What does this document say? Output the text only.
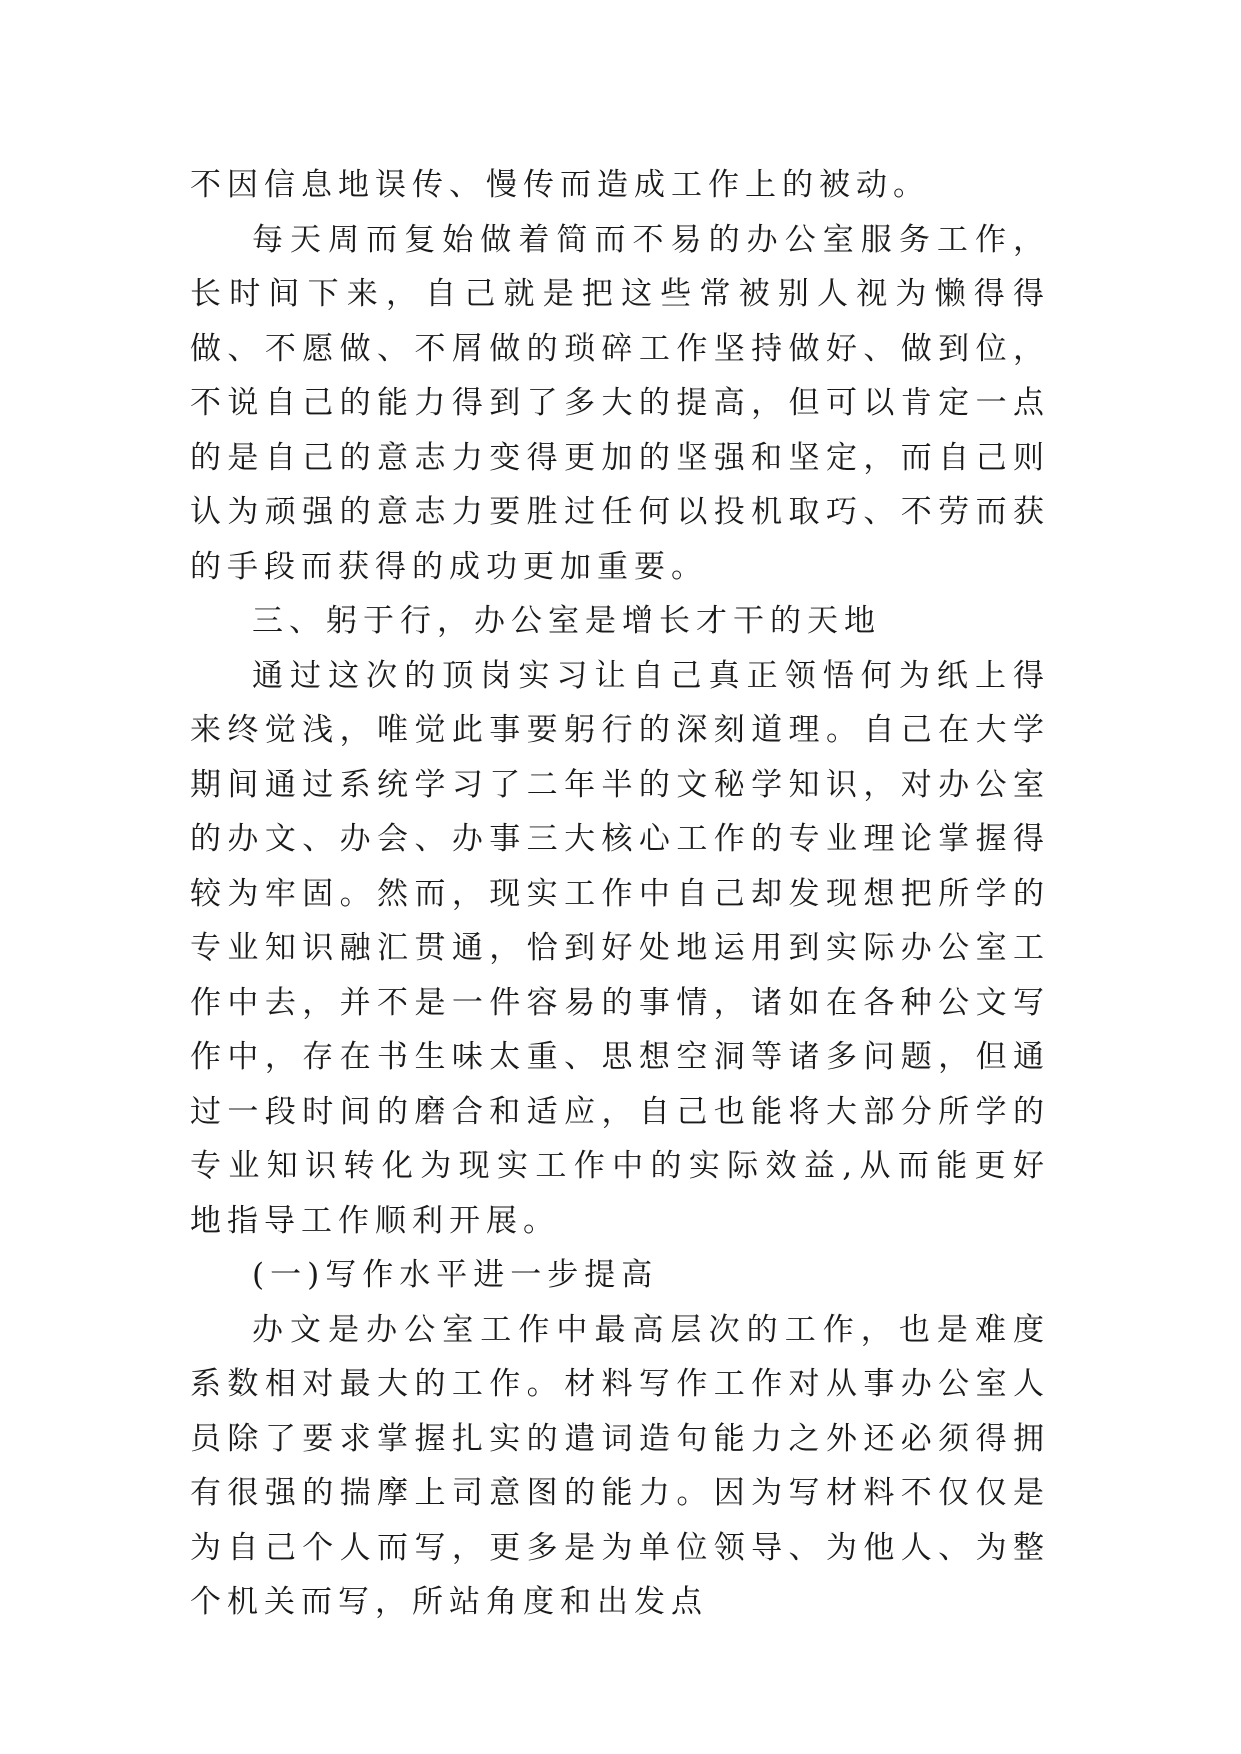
不因信息地误传、慢传而造成工作上的被动。

每天周而复始做着简而不易的办公室服务工作，长时间下来，自己就是把这些常被别人视为懒得得做、不愿做、不屑做的琐碎工作坚持做好、做到位，不说自己的能力得到了多大的提高，但可以肯定一点的是自己的意志力变得更加的坚强和坚定，而自己则认为顽强的意志力要胜过任何以投机取巧、不劳而获的手段而获得的成功更加重要。

三、躬于行，办公室是增长才干的天地

通过这次的顶岗实习让自己真正领悟何为纸上得来终觉浅，唯觉此事要躬行的深刻道理。自己在大学期间通过系统学习了二年半的文秘学知识，对办公室的办文、办会、办事三大核心工作的专业理论掌握得较为牢固。然而，现实工作中自己却发现想把所学的专业知识融汇贯通，恰到好处地运用到实际办公室工作中去，并不是一件容易的事情，诸如在各种公文写作中，存在书生味太重、思想空洞等诸多问题，但通过一段时间的磨合和适应，自己也能将大部分所学的专业知识转化为现实工作中的实际效益,从而能更好地指导工作顺利开展。

(一)写作水平进一步提高

办文是办公室工作中最高层次的工作，也是难度系数相对最大的工作。材料写作工作对从事办公室人员除了要求掌握扎实的遣词造句能力之外还必须得拥有很强的揣摩上司意图的能力。因为写材料不仅仅是为自己个人而写，更多是为单位领导、为他人、为整个机关而写，所站角度和出发点
